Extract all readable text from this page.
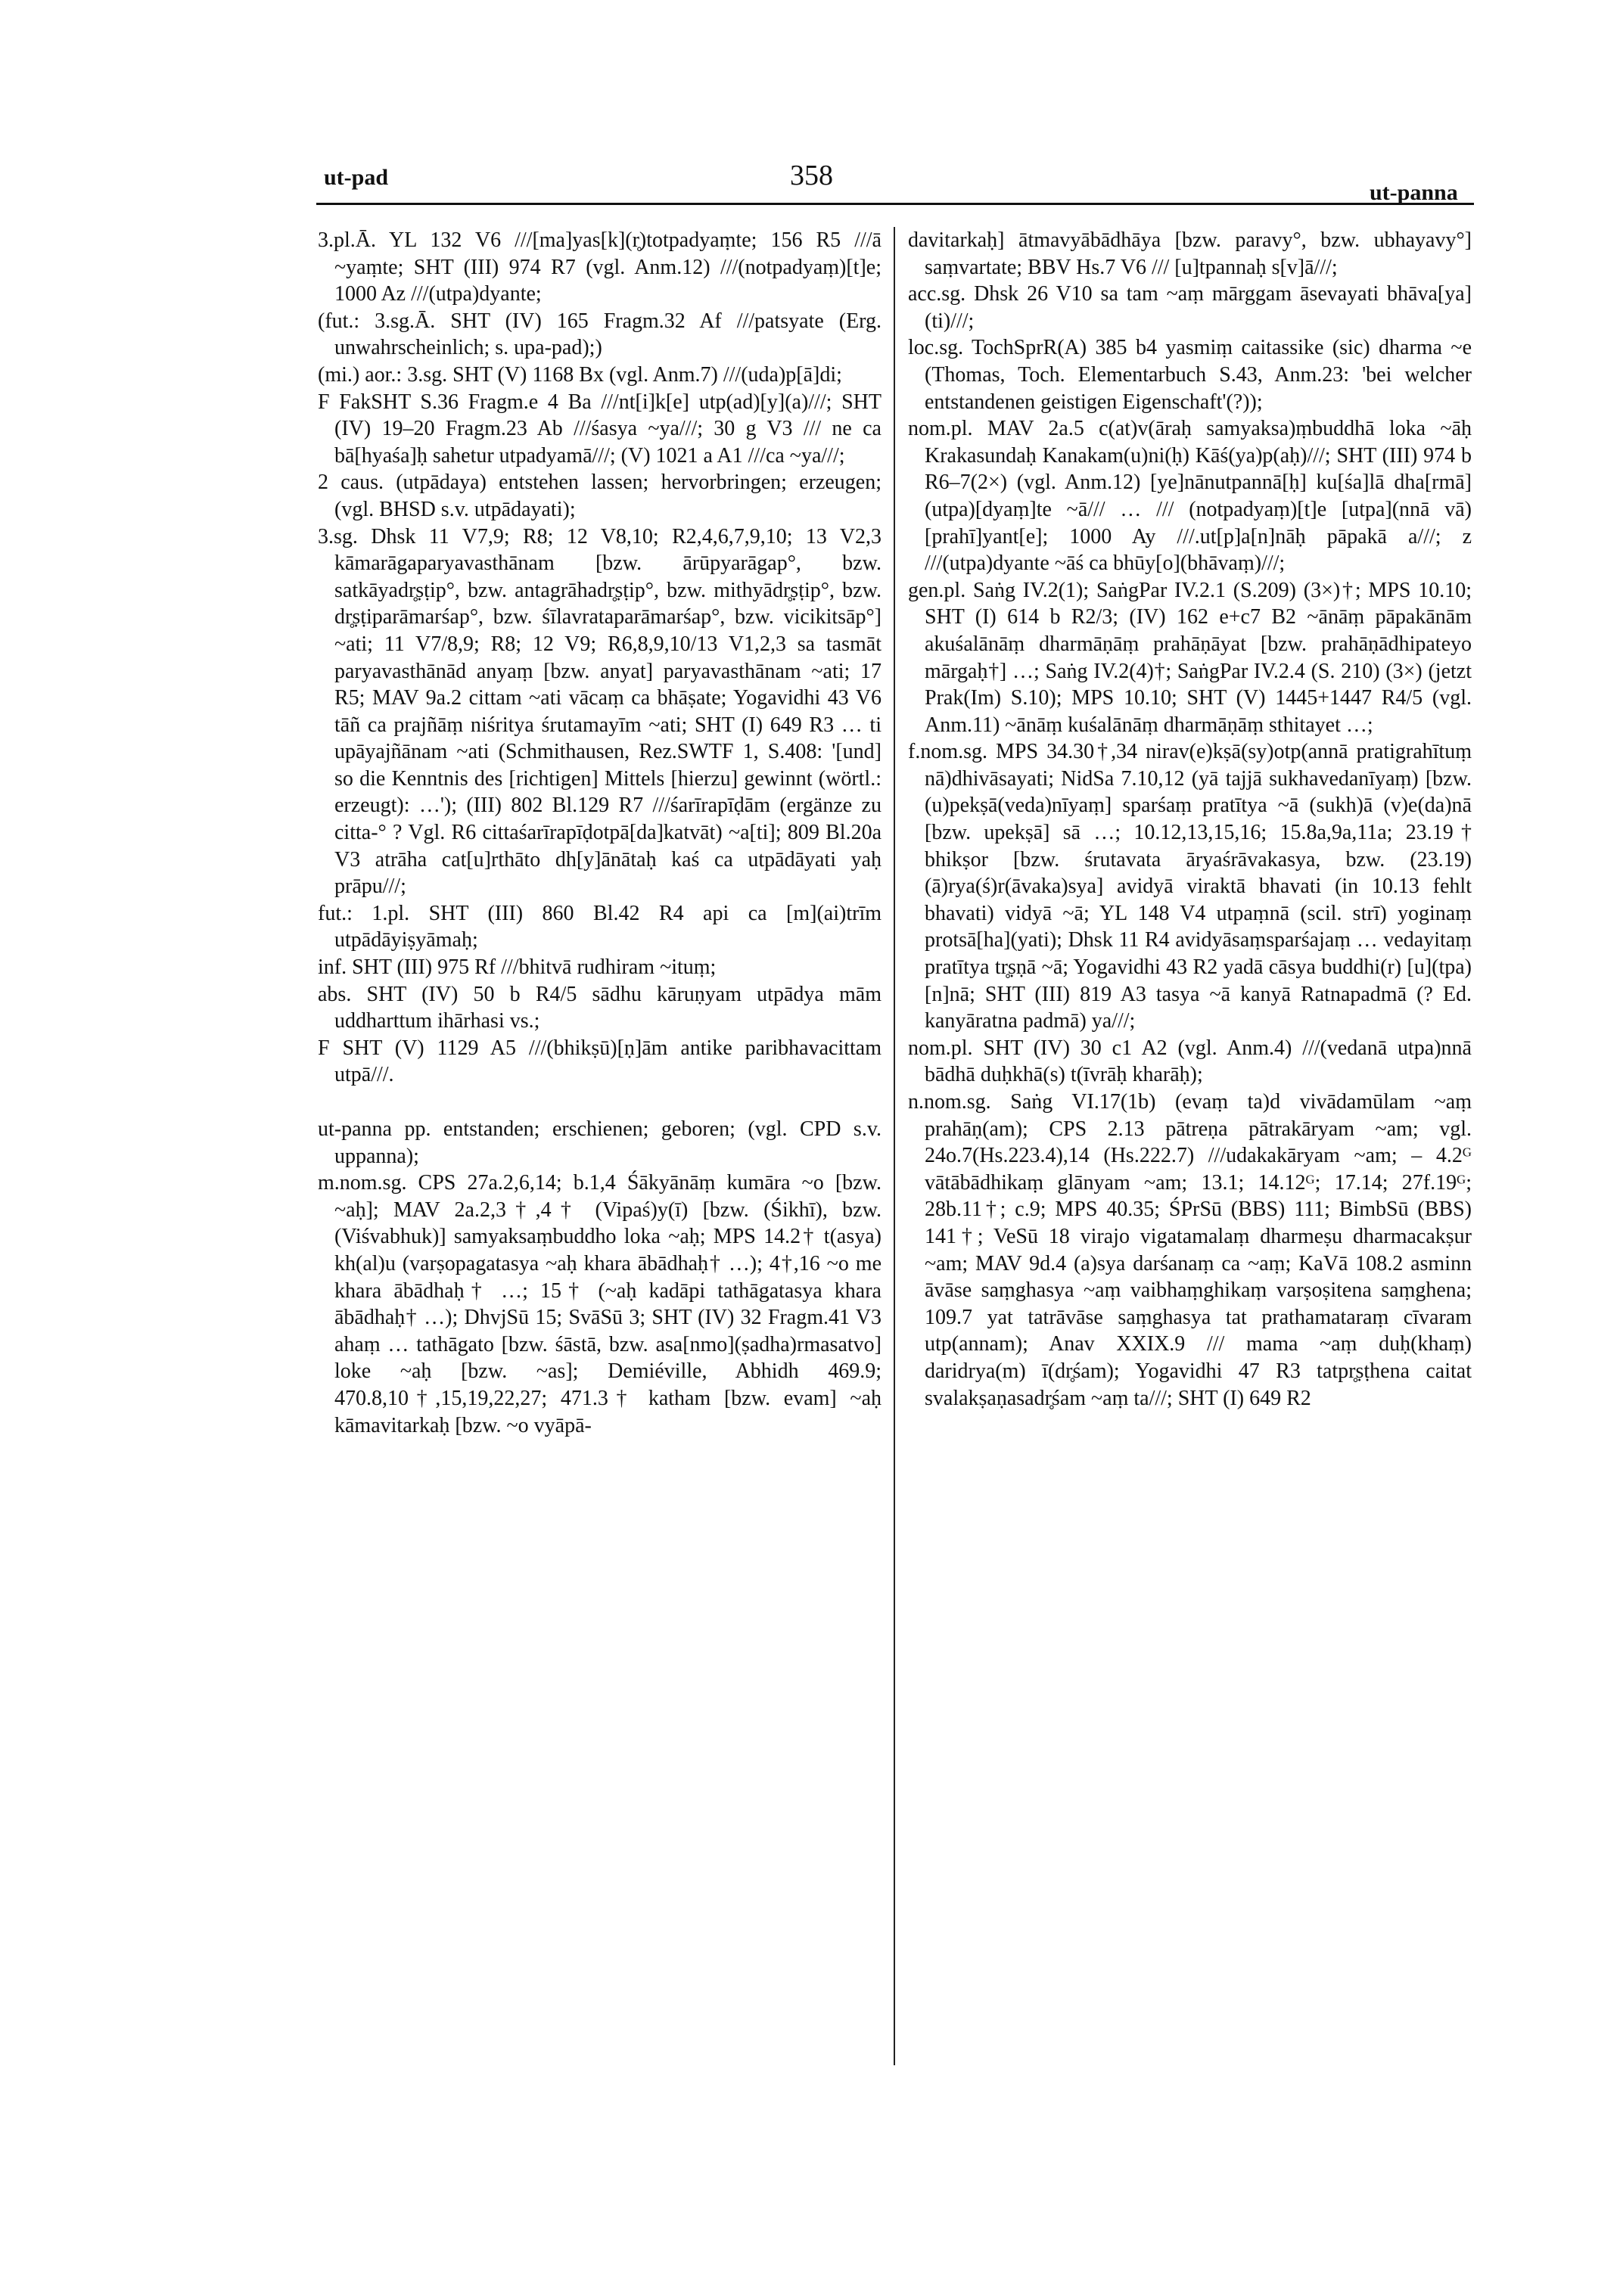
ut-pad	358
ut-panna
3.pl.Ā. YL 132 V6 ///[ma]yas[k](r̥)totpadyaṃte; 156 R5 ///ā ~yaṃte; SHT (III) 974 R7 (vgl. Anm.12) ///(notpadyaṃ)[t]e; 1000 Az ///(utpa)dyante;
(fut.: 3.sg.Ā. SHT (IV) 165 Fragm.32 Af ///patsyate (Erg. unwahrscheinlich; s. upa-pad);)
(mi.) aor.: 3.sg. SHT (V) 1168 Bx (vgl. Anm.7) ///(uda)p[ā]di;
F FakSHT S.36 Fragm.e 4 Ba ///nt[i]k[e] utp(ad)[y](a)///; SHT (IV) 19–20 Fragm.23 Ab ///śasya ~ya///; 30 g V3 /// ne ca bā[hyaśa]ḥ sahetur utpadyamā///; (V) 1021 a A1 ///ca ~ya///;
2 caus. (utpādaya) entstehen lassen; hervorbringen; erzeugen; (vgl. BHSD s.v. utpādayati);
3.sg. Dhsk 11 V7,9; R8; 12 V8,10; R2,4,6,7,9,10; 13 V2,3 kāmarāgaparyavasthānam [bzw. ārūpyarāgap°, bzw. satkāyadr̥ṣṭip°, bzw. antagrāhadr̥ṣṭip°, bzw. mithyādr̥ṣṭip°, bzw. dr̥ṣṭiparāmarśap°, bzw. śīlavrataparāmarśap°, bzw. vicikitsāp°] ~ati; 11 V7/8,9; R8; 12 V9; R6,8,9,10/13 V1,2,3 sa tasmāt paryavasthānād anyaṃ [bzw. anyat] paryavasthānam ~ati; 17 R5; MAV 9a.2 cittam ~ati vācaṃ ca bhāṣate; Yogavidhi 43 V6 tāñ ca prajñāṃ niśritya śrutamayīm ~ati; SHT (I) 649 R3 … ti upāyajñānam ~ati (Schmithausen, Rez.SWTF 1, S.408: '[und] so die Kenntnis des [richtigen] Mittels [hierzu] gewinnt (wörtl.: erzeugt): …'); (III) 802 Bl.129 R7 ///śarīrapīḍām (ergänze zu citta-° ? Vgl. R6 cittaśarīrapīḍotpā[da]katvāt) ~a[ti]; 809 Bl.20a V3 atrāha cat[u]rthāto dh[y]ānātaḥ kaś ca utpādāyati yaḥ prāpu///;
fut.: 1.pl. SHT (III) 860 Bl.42 R4 api ca [m](ai)trīm utpādāyiṣyāmaḥ;
inf. SHT (III) 975 Rf ///bhitvā rudhiram ~ituṃ;
abs. SHT (IV) 50 b R4/5 sādhu kāruṇyam utpādya mām uddharttum ihārhasi vs.;
F SHT (V) 1129 A5 ///(bhikṣū)[ṇ]ām antike paribhavacittam utpā///.
ut-panna pp. entstanden; erschienen; geboren; (vgl. CPD s.v. uppanna);
m.nom.sg. CPS 27a.2,6,14; b.1,4 Śākyānāṃ kumāra ~o [bzw. ~aḥ]; MAV 2a.2,3†,4† (Vipaś)y(ī) [bzw. (Śikhī), bzw. (Viśvabhuk)] samyaksaṃbuddho loka ~aḥ; MPS 14.2† t(asya) kh(al)u (varṣopagatasya ~aḥ khara ābādhaḥ† …); 4†,16 ~o me khara ābādhaḥ† …; 15† (~aḥ kadāpi tathāgatasya khara ābādhaḥ† …); DhvjSū 15; SvāSū 3; SHT (IV) 32 Fragm.41 V3 ahaṃ … tathāgato [bzw. śāstā, bzw. asa[nmo](ṣadha)rmasatvo] loke ~aḥ [bzw. ~as]; Demiéville, Abhidh 469.9; 470.8,10†,15,19,22,27; 471.3† katham [bzw. evam] ~aḥ kāmavitarkaḥ [bzw. ~o vyāpā-
davitarkaḥ] ātmavyābādhāya [bzw. paravy°, bzw. ubhayavy°] saṃvartate; BBV Hs.7 V6 /// [u]tpannaḥ s[v]ā///;
acc.sg. Dhsk 26 V10 sa tam ~aṃ mārggam āsevayati bhāva[ya](ti)///;
loc.sg. TochSprR(A) 385 b4 yasmiṃ caitassike (sic) dharma ~e (Thomas, Toch. Elementarbuch S.43, Anm.23: 'bei welcher entstandenen geistigen Eigenschaft'(?));
nom.pl. MAV 2a.5 c(at)v(āraḥ samyaksa)ṃbuddhā loka ~āḥ Krakasundaḥ Kanakam(u)ni(ḥ) Kāś(ya)p(aḥ)///; SHT (III) 974 b R6–7(2×) (vgl. Anm.12) [ye]nānutpannā[ḥ] ku[śa]lā dha[rmā] (utpa)[dyaṃ]te ~ā/// … /// (notpadyaṃ)[t]e [utpa](nnā vā) [prahī]yant[e]; 1000 Ay ///.ut[p]a[n]nāḥ pāpakā a///; z ///(utpa)dyante ~āś ca bhūy[o](bhāvaṃ)///;
gen.pl. Saṅg IV.2(1); SaṅgPar IV.2.1 (S.209) (3×)†; MPS 10.10; SHT (I) 614 b R2/3; (IV) 162 e+c7 B2 ~ānāṃ pāpakānām akuśalānāṃ dharmāṇāṃ prahāṇāyat [bzw. prahāṇādhipateyo mārgaḥ†] …; Saṅg IV.2(4)†; SaṅgPar IV.2.4 (S. 210) (3×) (jetzt Prak(Im) S.10); MPS 10.10; SHT (V) 1445+1447 R4/5 (vgl. Anm.11) ~ānāṃ kuśalānāṃ dharmāṇāṃ sthitayet …;
f.nom.sg. MPS 34.30†,34 nirav(e)kṣā(sy)otp(annā pratigrahītuṃ nā)dhivāsayati; NidSa 7.10,12 (yā tajjā sukhavedanīyaṃ) [bzw. (u)pekṣā(veda)nīyaṃ] sparśaṃ pratītya ~ā (sukh)ā (v)e(da)nā [bzw. upekṣā] sā …; 10.12,13,15,16; 15.8a,9a,11a; 23.19† bhikṣor [bzw. śrutavata āryaśrāvakasya, bzw. (23.19) (ā)rya(ś)r(āvaka)sya] avidyā viraktā bhavati (in 10.13 fehlt bhavati) vidyā ~ā; YL 148 V4 utpaṃnā (scil. strī) yoginaṃ protsā[ha](yati); Dhsk 11 R4 avidyāsaṃsparśajaṃ … vedayitaṃ pratītya tr̥ṣṇā ~ā; Yogavidhi 43 R2 yadā cāsya buddhi(r) [u](tpa)[n]nā; SHT (III) 819 A3 tasya ~ā kanyā Ratnapadmā (? Ed. kanyāratna padmā) ya///;
nom.pl. SHT (IV) 30 c1 A2 (vgl. Anm.4) ///(vedanā utpa)nnā bādhā duḥkhā(s) t(īvrāḥ kharāḥ);
n.nom.sg. Saṅg VI.17(1b) (evaṃ ta)d vivādamūlam ~aṃ prahāṇ(am); CPS 2.13 pātreṇa pātrakāryam ~am; vgl. 24o.7(Hs.223.4),14 (Hs.222.7) ///udakakāryam ~am; – 4.2ᴳ vātābādhikaṃ glānyam ~am; 13.1; 14.12ᴳ; 17.14; 27f.19ᴳ; 28b.11†; c.9; MPS 40.35; ŚPrSū (BBS) 111; BimbSū (BBS) 141†; VeSū 18 virajo vigatamalaṃ dharmeṣu dharmacakṣur ~am; MAV 9d.4 (a)sya darśanaṃ ca ~aṃ; KaVā 108.2 asminn āvāse saṃghasya ~aṃ vaibhaṃghikaṃ varṣoṣitena saṃghena; 109.7 yat tatrāvāse saṃghasya tat prathamataraṃ cīvaram utp(annam); Anav XXIX.9 /// mama ~aṃ duḥ(khaṃ) daridrya(m) ī(dr̥śam); Yogavidhi 47 R3 tatpr̥ṣṭhena caitat svalakṣaṇasadr̥śam ~aṃ ta///; SHT (I) 649 R2
